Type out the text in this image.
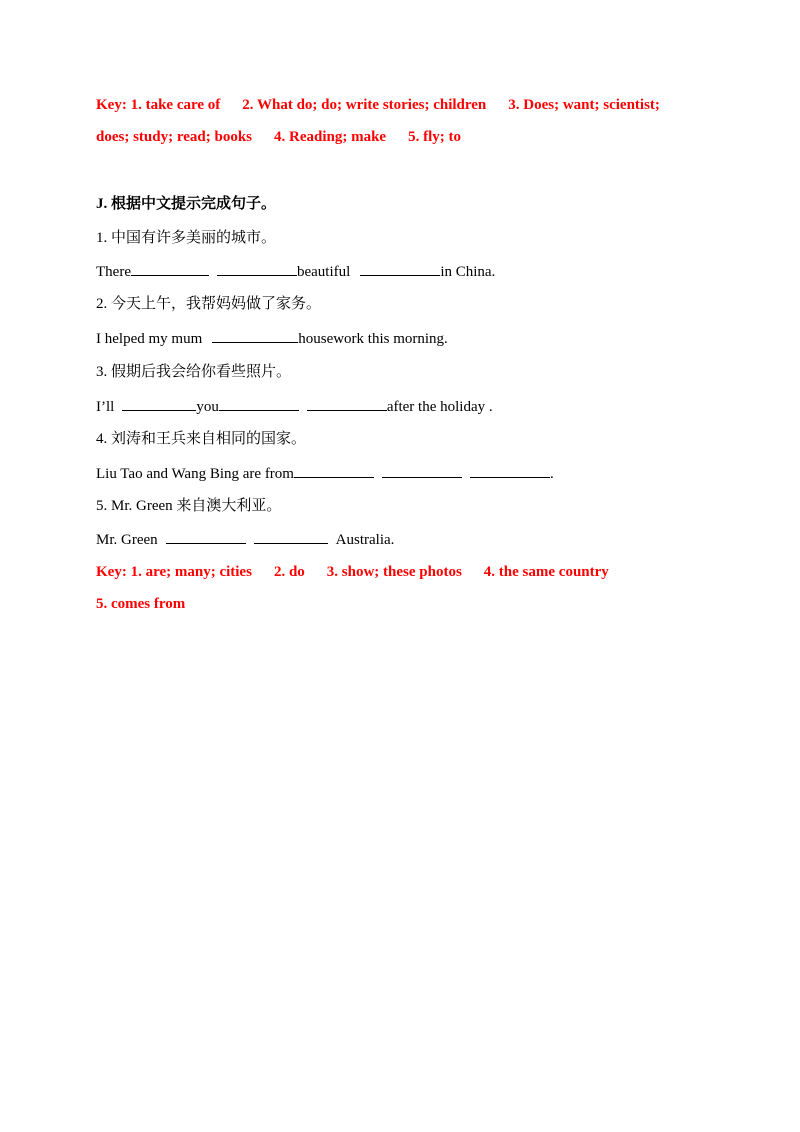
Key: 1. take care of 2. What do; do; write stories; children 3. Does; want; scientist;
does; study; read; books 4. Reading; make 5. fly; to
J. 根据中文提示完成句子。
1. 中国有许多美丽的城市。
There	beautiful	in China.
2. 今天上午，我帮妈妈做了家务。
I helped my mum	housework this morning.
3. 假期后我会给你看些照片。
I’ll	you	after the holiday .
4. 刘涛和王兵来自相同的国家。
Liu Tao and Wang Bing are from	.
5. Mr. Green 来自澳大利亚。
Mr. Green	Australia.
Key: 1. are; many; cities 2. do 3. show; these photos 4. the same country
5. comes from
